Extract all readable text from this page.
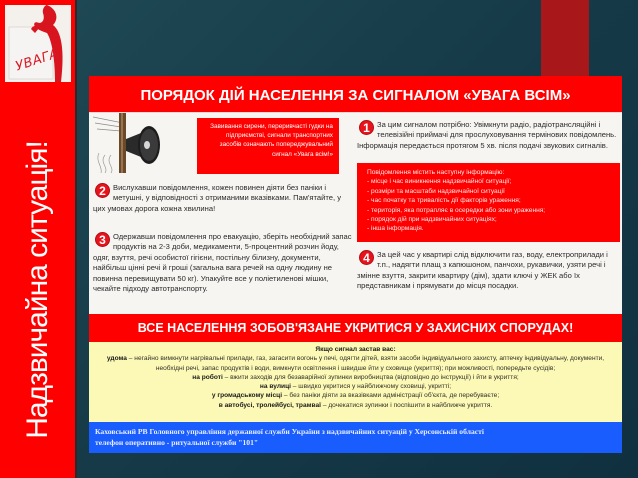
УВАГА
Надзвичайна ситуація!
ПОРЯДОК ДІЙ НАСЕЛЕННЯ ЗА СИГНАЛОМ «УВАГА ВСІМ»
Завивання сирени, переривчасті гудки на підприємстві, сигнали транспортних засобів означають попереджувальний сигнал «Увага всім!»
1 За цим сигналом потрібно: Увімкнути радіо, радіотрансляційні і телевізійні приймачі для прослуховування термінових повідомлень. Інформація передається протягом 5 хв. після подачі звукових сигналів.
Повідомлення містить наступну інформацію:
- місце і час виникнення надзвичайної ситуації;
- розміри та масштаби надзвичайної ситуації
- час початку та тривалість дії факторів ураження;
- територія, яка потрапляє в осередки або зони ураження;
- порядок дій при надзвичайних ситуаціях;
- інша інформація.
2 Вислухавши повідомлення, кожен повинен діяти без паніки і метушні, у відповідності з отриманими вказівками. Пам'ятайте, у цих умовах дорога кожна хвилина!
3 Одержавши повідомлення про евакуацію, зберіть необхідний запас продуктів на 2-3 доби, медикаменти, 5-процентний розчин йоду, одяг, взуття, речі особистої гігієни, постільну білизну, документи, найбільш цінні речі й гроші (загальна вага речей на одну людину не повинна перевищувати 50 кг). Упакуйте все у поліетиленові мішки, чекайте підходу автотранспорту.
4 За цей час у квартирі слід відключити газ, воду, електроприлади і т.п., надягти плащ з капюшоном, панчохи, рукавички, узяти речі і змінне взуття, закрити квартиру (дім), здати ключі у ЖЕК або їх представникам і прямувати до місця посадки.
ВСЕ НАСЕЛЕННЯ ЗОБОВ'ЯЗАНЕ УКРИТИСЯ У ЗАХИСНИХ СПОРУДАХ!
Якщо сигнал застав вас:
удома – негайно вимкнути нагрівальні прилади, газ, загасити вогонь у печі, одягти дітей, взяти засоби індивідуального захисту, аптечку індивідуальну, документи, необхідні речі, запас продуктів і води, вимкнути освітлення і швидше йти у сховище (укриття); при можливості, попередьте сусідів;
на роботі – вжити заходів для безаварійної зупинки виробництва (відповідно до інструкції) і йти в укриття;
на вулиці – швидко укритися у найближчому сховищі, укритті;
у громадському місці – без паніки діяти за вказівками адміністрації об'єкта, де перебуваєте;
в автобусі, тролейбусі, трамваї – дочекатися зупинки і поспішити в найближче укриття.
Каховський РВ Головного управління державної служби України з надзвичайних ситуацій у Херсонській області
телефон оперативно - ритуальної служби "101"
